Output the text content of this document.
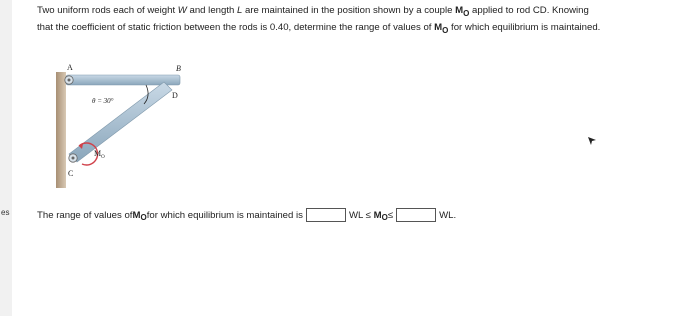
es
Two uniform rods each of weight W and length L are maintained in the position shown by a couple $M_O$ applied to rod CD. Knowing
that the coefficient of static friction between the rods is 0.40, determine the range of values of $M_O$ for which equilibrium is maintained.
A	B
D
C
θ = 30°
$M_O$
The range of values of M $_O$ for which equilibrium is maintained is	WL ≤
M $_O$ ≤	WL.
